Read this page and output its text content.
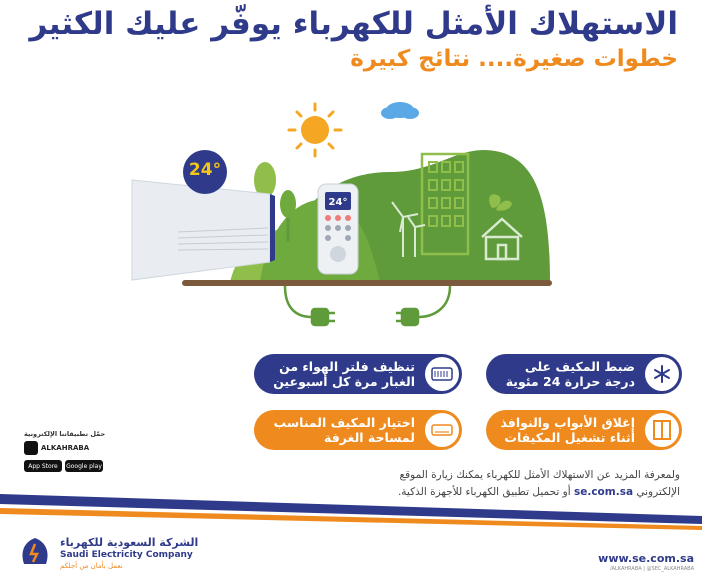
الاستهلاك الأمثل للكهرباء يوفّر عليك الكثير
خطوات صغيرة.... نتائج كبيرة
24°
24°
ضبط المكيف على درجة حرارة 24 مئوية
تنظيف فلتر الهواء من الغبار مرة كل أسبوعين
إغلاق الأبواب والنوافذ أثناء تشغيل المكيفات
اختيار المكيف المناسب لمساحة الغرفة
ولمعرفة المزيد عن الاستهلاك الأمثل للكهرباء يمكنك زيارة الموقع
الإلكتروني se.com.sa أو تحميل تطبيق الكهرباء للأجهزة الذكية.
حمّل تطبيقاتنا الإلكترونية
ALKAHRABA
App Store	Google play
الشركة السعودية للكهرباء
Saudi Electricity Company
نعمل بأمان من أجلكم
www.se.com.sa
/ALKAHRABA | @SEC_ALKAHRABA
